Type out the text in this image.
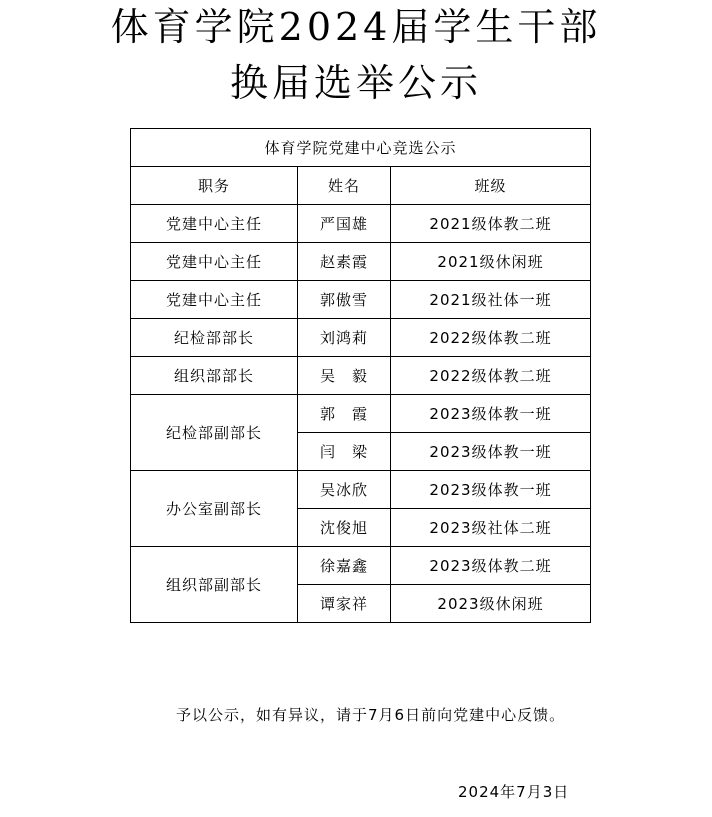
体育学院2024届学生干部
换届选举公示
体育学院党建中心竞选公示		
职务	姓名	班级
党建中心主任	严国雄	2021级体教二班
党建中心主任	赵素霞	2021级休闲班
党建中心主任	郭傲雪	2021级社体一班
纪检部部长	刘鸿莉	2022级体教二班
组织部部长	吴　毅	2022级体教二班
纪检部副部长	郭　霞	2023级体教一班
	闫　梁	2023级体教一班
办公室副部长	吴冰欣	2023级体教一班
	沈俊旭	2023级社体二班
组织部副部长	徐嘉鑫	2023级体教二班
	谭家祥	2023级休闲班
予以公示，如有异议，请于7月6日前向党建中心反馈。
2024年7月3日
